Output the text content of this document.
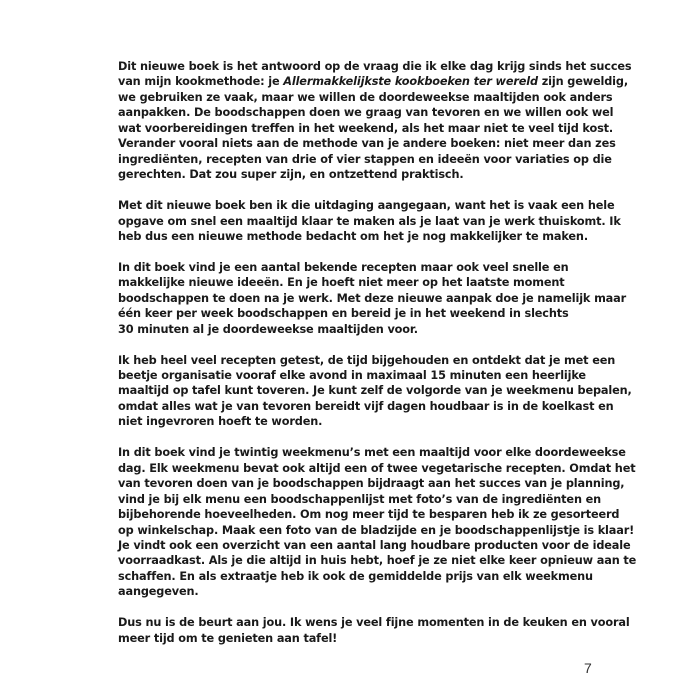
Dit nieuwe boek is het antwoord op de vraag die ik elke dag krijg sinds het succes
van mijn kookmethode: je Allermakkelijkste kookboeken ter wereld zijn geweldig,
we gebruiken ze vaak, maar we willen de doordeweekse maaltijden ook anders
aanpakken. De boodschappen doen we graag van tevoren en we willen ook wel
wat voorbereidingen treffen in het weekend, als het maar niet te veel tijd kost.
Verander vooral niets aan de methode van je andere boeken: niet meer dan zes
ingrediënten, recepten van drie of vier stappen en ideeën voor variaties op die
gerechten. Dat zou super zijn, en ontzettend praktisch.

Met dit nieuwe boek ben ik die uitdaging aangegaan, want het is vaak een hele
opgave om snel een maaltijd klaar te maken als je laat van je werk thuiskomt. Ik
heb dus een nieuwe methode bedacht om het je nog makkelijker te maken.

In dit boek vind je een aantal bekende recepten maar ook veel snelle en
makkelijke nieuwe ideeën. En je hoeft niet meer op het laatste moment
boodschappen te doen na je werk. Met deze nieuwe aanpak doe je namelijk maar
één keer per week boodschappen en bereid je in het weekend in slechts
30 minuten al je doordeweekse maaltijden voor.

Ik heb heel veel recepten getest, de tijd bijgehouden en ontdekt dat je met een
beetje organisatie vooraf elke avond in maximaal 15 minuten een heerlijke
maaltijd op tafel kunt toveren. Je kunt zelf de volgorde van je weekmenu bepalen,
omdat alles wat je van tevoren bereidt vijf dagen houdbaar is in de koelkast en
niet ingevroren hoeft te worden.

In dit boek vind je twintig weekmenu’s met een maaltijd voor elke doordeweekse
dag. Elk weekmenu bevat ook altijd een of twee vegetarische recepten. Omdat het
van tevoren doen van je boodschappen bijdraagt aan het succes van je planning,
vind je bij elk menu een boodschappenlijst met foto’s van de ingrediënten en
bijbehorende hoeveelheden. Om nog meer tijd te besparen heb ik ze gesorteerd
op winkelschap. Maak een foto van de bladzijde en je boodschappenlijstje is klaar!
Je vindt ook een overzicht van een aantal lang houdbare producten voor de ideale
voorraadkast. Als je die altijd in huis hebt, hoef je ze niet elke keer opnieuw aan te
schaffen. En als extraatje heb ik ook de gemiddelde prijs van elk weekmenu
aangegeven.

Dus nu is de beurt aan jou. Ik wens je veel fijne momenten in de keuken en vooral
meer tijd om te genieten aan tafel!

7
